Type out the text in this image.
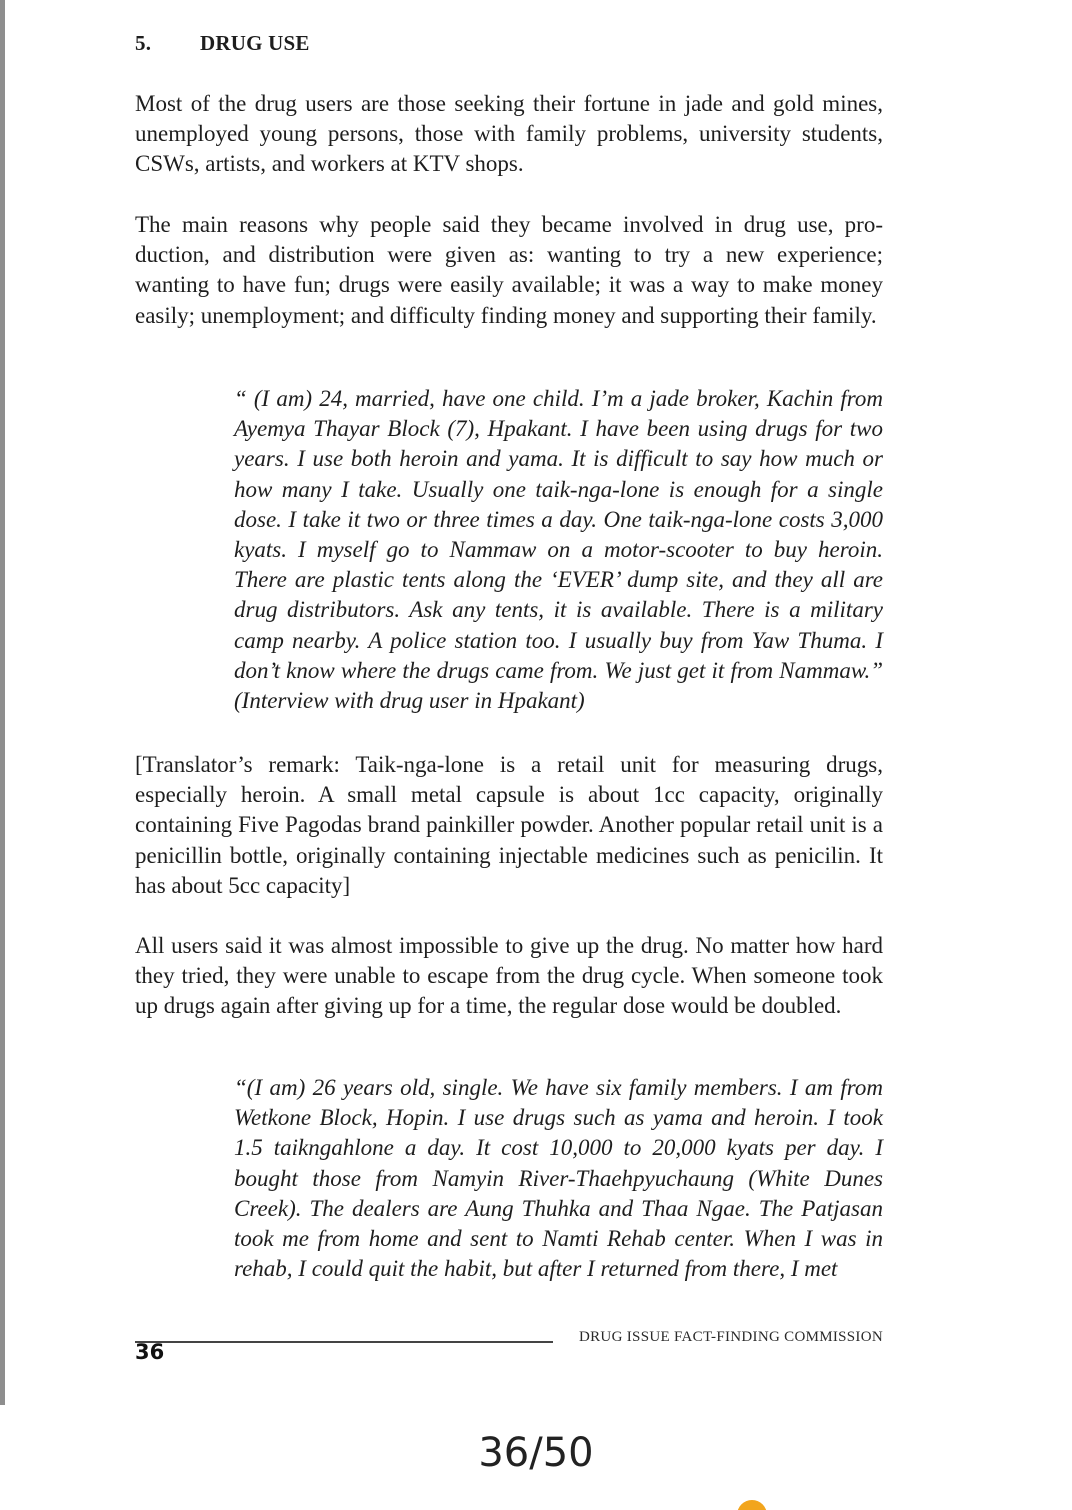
5. DRUG USE

Most of the drug users are those seeking their fortune in jade and gold mines, unemployed young persons, those with family problems, university students, CSWs, artists, and workers at KTV shops.

The main reasons why people said they became involved in drug use, production, and distribution were given as: wanting to try a new experience; wanting to have fun; drugs were easily available; it was a way to make money easily; unemployment; and difficulty finding money and supporting their family.

“ (I am) 24, married, have one child. I’m a jade broker, Kachin from Ayemya Thayar Block (7), Hpakant. I have been using drugs for two years. I use both heroin and yama. It is difficult to say how much or how many I take. Usually one taik-nga-lone is enough for a single dose. I take it two or three times a day. One taik-nga-lone costs 3,000 kyats. I myself go to Nammaw on a motor-scooter to buy heroin. There are plastic tents along the ‘EVER’ dump site, and they all are drug distributors. Ask any tents, it is available. There is a military camp nearby. A police station too. I usually buy from Yaw Thuma. I don’t know where the drugs came from. We just get it from Nammaw.” (Interview with drug user in Hpakant)

[Translator’s remark: Taik-nga-lone is a retail unit for measuring drugs, especially heroin. A small metal capsule is about 1cc capacity, originally containing Five Pagodas brand painkiller powder. Another popular retail unit is a penicillin bottle, originally containing injectable medicines such as penicilin. It has about 5cc capacity]

All users said it was almost impossible to give up the drug. No matter how hard they tried, they were unable to escape from the drug cycle. When someone took up drugs again after giving up for a time, the regular dose would be doubled.

“(I am) 26 years old, single. We have six family members. I am from Wetkone Block, Hopin. I use drugs such as yama and heroin. I took 1.5 taikngahlone a day. It cost 10,000 to 20,000 kyats per day. I bought those from Namyin River-Thaehpyuchaung (White Dunes Creek). The dealers are Aung Thuhka and Thaa Ngae. The Patjasan took me from home and sent to Namti Rehab center. When I was in rehab, I could quit the habit, but after I returned from there, I met

DRUG ISSUE FACT-FINDING COMMISSION
36
36/50
